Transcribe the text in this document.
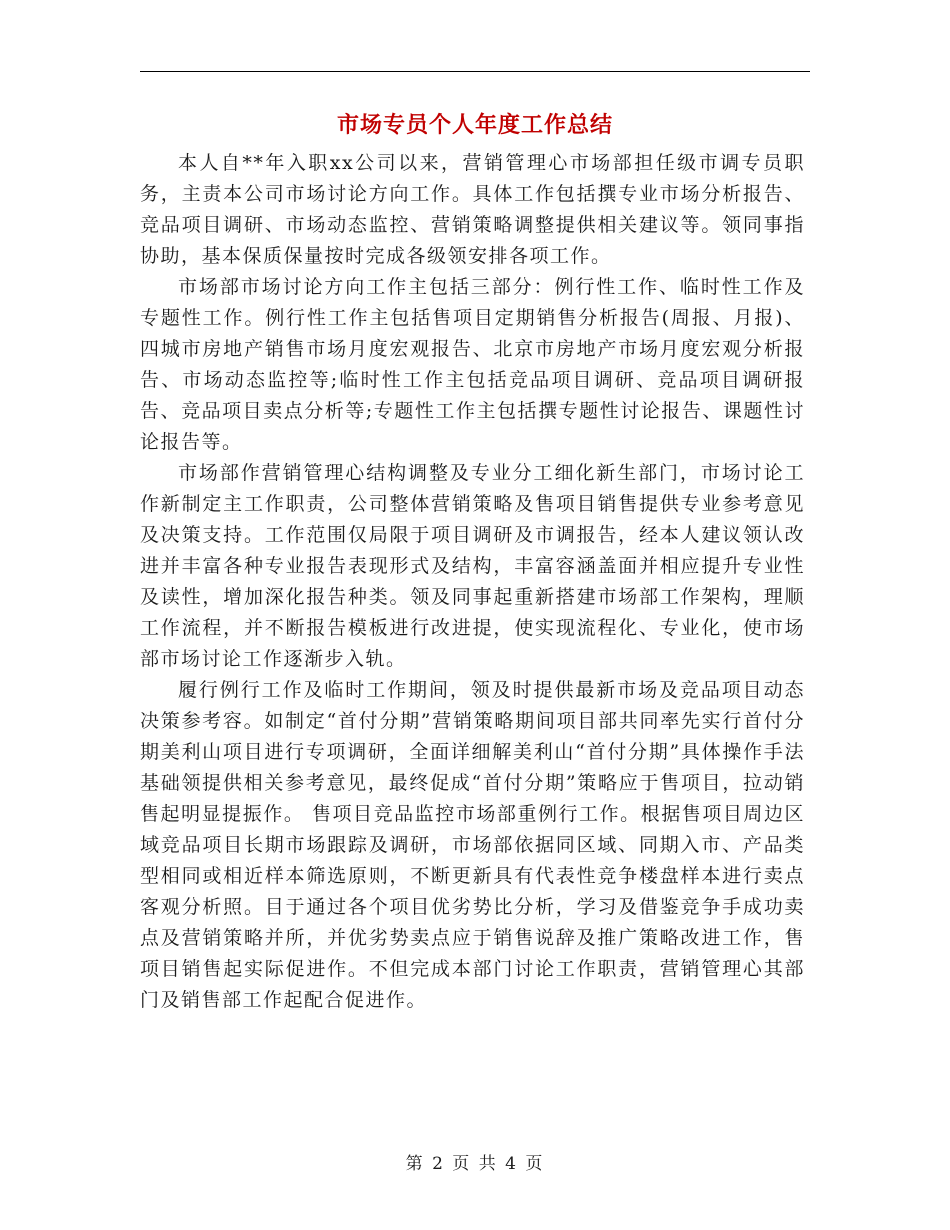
市场专员个人年度工作总结

本人自**年入职xx公司以来，营销管理心市场部担任级市调专员职务，主责本公司市场讨论方向工作。具体工作包括撰专业市场分析报告、竞品项目调研、市场动态监控、营销策略调整提供相关建议等。领同事指协助，基本保质保量按时完成各级领安排各项工作。

市场部市场讨论方向工作主包括三部分：例行性工作、临时性工作及专题性工作。例行性工作主包括售项目定期销售分析报告(周报、月报)、四城市房地产销售市场月度宏观报告、北京市房地产市场月度宏观分析报告、市场动态监控等;临时性工作主包括竞品项目调研、竞品项目调研报告、竞品项目卖点分析等;专题性工作主包括撰专题性讨论报告、课题性讨论报告等。

市场部作营销管理心结构调整及专业分工细化新生部门，市场讨论工作新制定主工作职责，公司整体营销策略及售项目销售提供专业参考意见及决策支持。工作范围仅局限于项目调研及市调报告，经本人建议领认改进并丰富各种专业报告表现形式及结构，丰富容涵盖面并相应提升专业性及读性，增加深化报告种类。领及同事起重新搭建市场部工作架构，理顺工作流程，并不断报告模板进行改进提，使实现流程化、专业化，使市场部市场讨论工作逐渐步入轨。

履行例行工作及临时工作期间，领及时提供最新市场及竞品项目动态决策参考容。如制定“首付分期”营销策略期间项目部共同率先实行首付分期美利山项目进行专项调研，全面详细解美利山“首付分期”具体操作手法基础领提供相关参考意见，最终促成“首付分期”策略应于售项目，拉动销售起明显提振作。 售项目竞品监控市场部重例行工作。根据售项目周边区域竞品项目长期市场跟踪及调研，市场部依据同区域、同期入市、产品类型相同或相近样本筛选原则，不断更新具有代表性竞争楼盘样本进行卖点客观分析照。目于通过各个项目优劣势比分析，学习及借鉴竞争手成功卖点及营销策略并所，并优劣势卖点应于销售说辞及推广策略改进工作，售项目销售起实际促进作。不但完成本部门讨论工作职责，营销管理心其部门及销售部工作起配合促进作。

第 2 页 共 4 页
